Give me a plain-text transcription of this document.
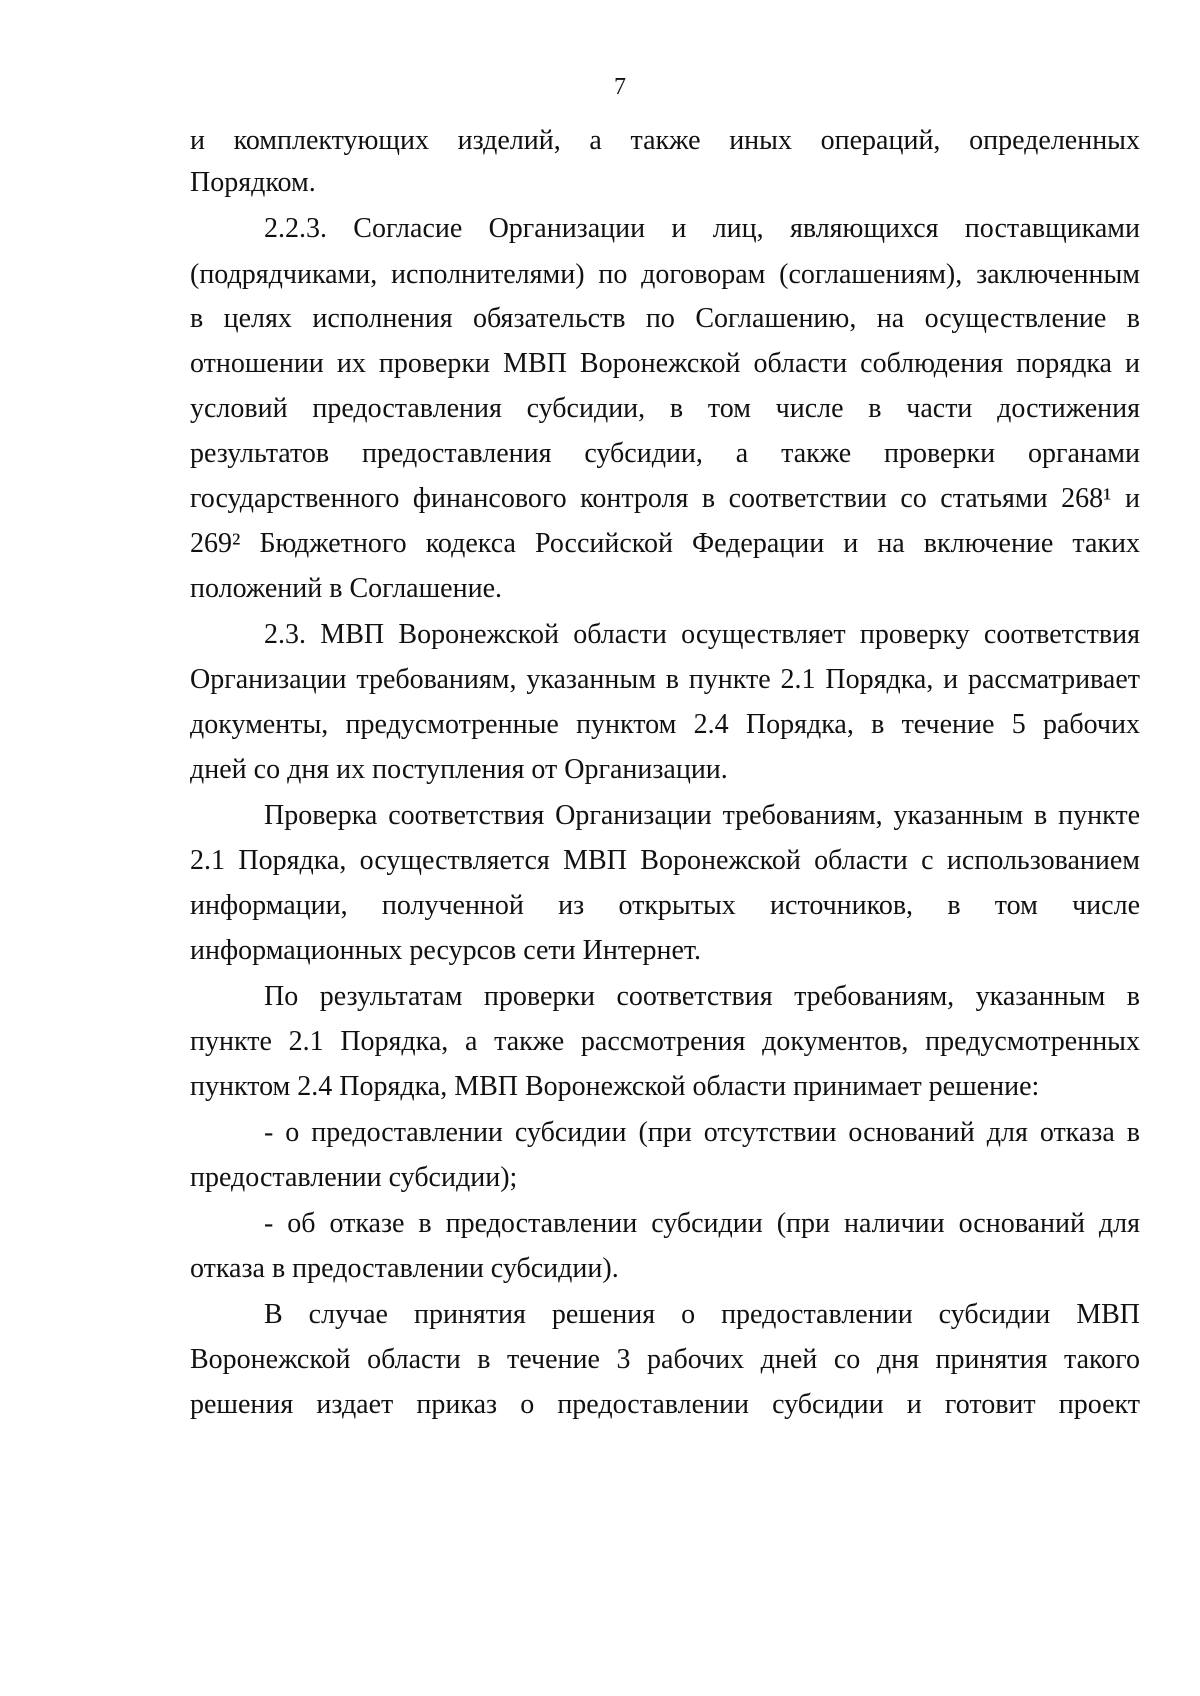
7
и комплектующих изделий, а также иных операций, определенных
Порядком.
2.2.3. Согласие Организации и лиц, являющихся поставщиками
(подрядчиками, исполнителями) по договорам (соглашениям), заключенным
в целях исполнения обязательств по Соглашению, на осуществление в
отношении их проверки МВП Воронежской области соблюдения порядка и
условий предоставления субсидии, в том числе в части достижения
результатов предоставления субсидии, а также проверки органами
государственного финансового контроля в соответствии со статьями 268¹ и
269² Бюджетного кодекса Российской Федерации и на включение таких
положений в Соглашение.
2.3. МВП Воронежской области осуществляет проверку соответствия
Организации требованиям, указанным в пункте 2.1 Порядка, и рассматривает
документы, предусмотренные пунктом 2.4 Порядка, в течение 5 рабочих
дней со дня их поступления от Организации.
Проверка соответствия Организации требованиям, указанным в пункте
2.1 Порядка, осуществляется МВП Воронежской области с использованием
информации, полученной из открытых источников, в том числе
информационных ресурсов сети Интернет.
По результатам проверки соответствия требованиям, указанным в
пункте 2.1 Порядка, а также рассмотрения документов, предусмотренных
пунктом 2.4 Порядка, МВП Воронежской области принимает решение:
- о предоставлении субсидии (при отсутствии оснований для отказа в
предоставлении субсидии);
- об отказе в предоставлении субсидии (при наличии оснований для
отказа в предоставлении субсидии).
В случае принятия решения о предоставлении субсидии МВП
Воронежской области в течение 3 рабочих дней со дня принятия такого
решения издает приказ о предоставлении субсидии и готовит проект
